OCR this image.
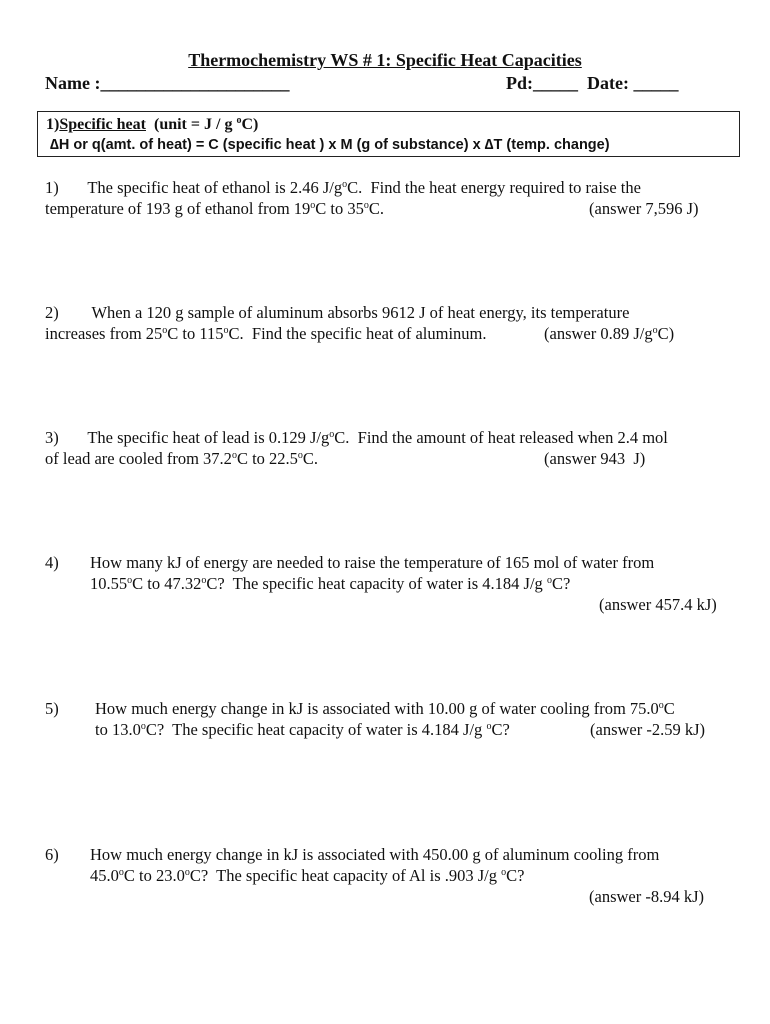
Thermochemistry WS # 1: Specific Heat Capacities
Name :_____________________	Pd:_____ Date: _____
1)Specific heat  (unit = J / g $^o$C)
∆H or q(amt. of heat) = C (specific heat ) x M (g of substance) x ∆T (temp. change)
1) The specific heat of ethanol is 2.46 $J/g^oC$.  Find the heat energy required to raise the
temperature of 193 g of ethanol from 19$^o$C to 35$^o$C.	(answer 7,596 J)
2) When a 120 g sample of aluminum absorbs 9612 J of heat energy, its temperature
increases from 25$^o$C to 115$^o$C.  Find the specific heat of aluminum.	(answer 0.89 $J/g^oC$)
3) The specific heat of lead is 0.129 $J/g^oC$.  Find the amount of heat released when 2.4 mol
of lead are cooled from 37.2$^o$C to 22.5$^o$C.	(answer 943  J)
4) How many kJ of energy are needed to raise the temperature of 165 mol of water from
10.55$^o$C to 47.32$^o$C?  The specific heat capacity of water is 4.184 J/g $^o$C?
(answer 457.4 kJ)
5) How much energy change in kJ is associated with 10.00 g of water cooling from 75.0$^o$C
to 13.0$^o$C?  The specific heat capacity of water is 4.184 J/g $^o$C?	(answer -2.59 kJ)
6) How much energy change in kJ is associated with 450.00 g of aluminum cooling from
45.0$^o$C to 23.0$^o$C?  The specific heat capacity of Al is .903 J/g $^o$C?
(answer -8.94 kJ)
